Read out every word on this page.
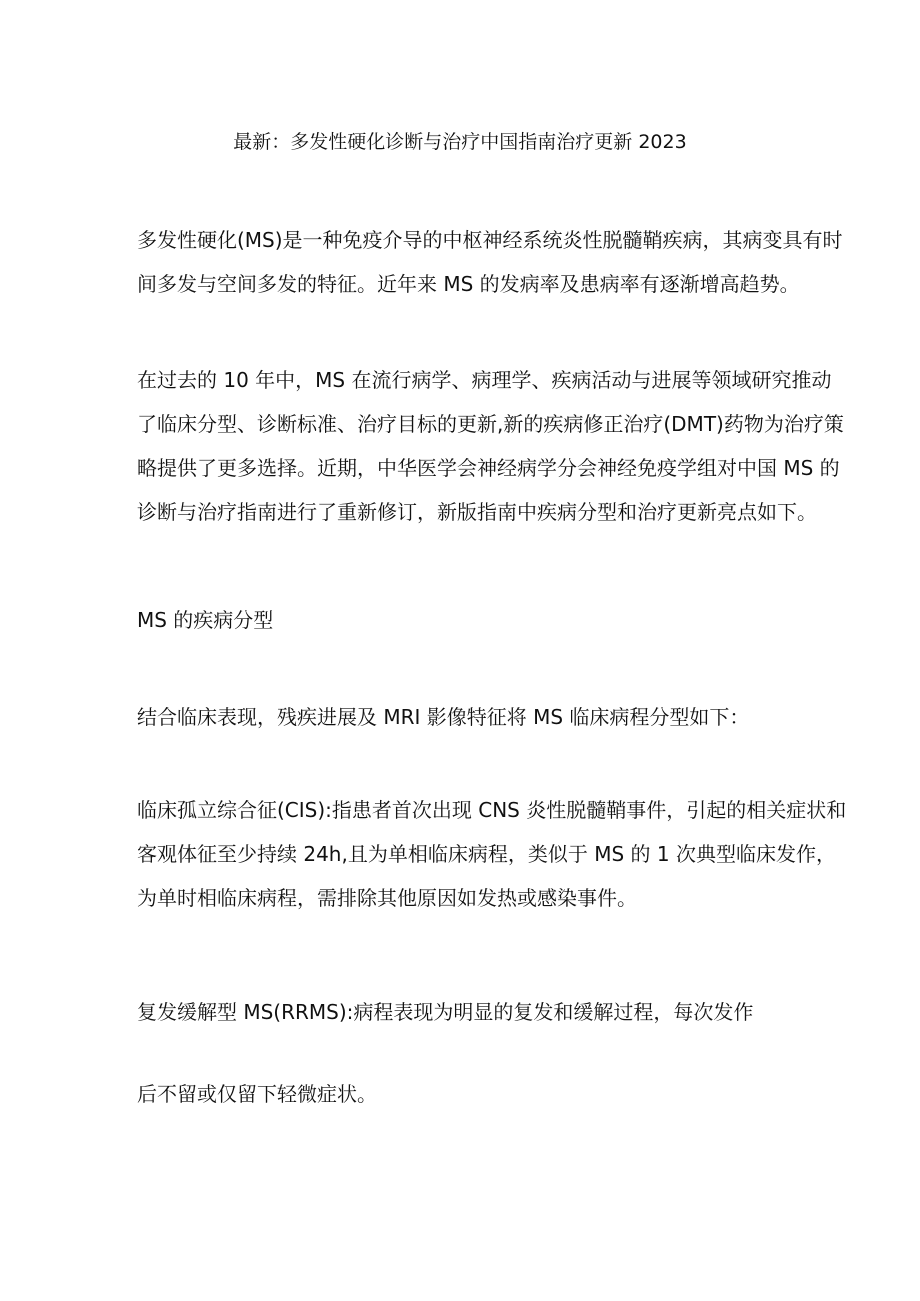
最新：多发性硬化诊断与治疗中国指南治疗更新 2023

多发性硬化(MS)是一种免疫介导的中枢神经系统炎性脱髓鞘疾病，其病变具有时
间多发与空间多发的特征。近年来 MS 的发病率及患病率有逐渐增高趋势。

在过去的 10 年中，MS 在流行病学、病理学、疾病活动与进展等领域研究推动
了临床分型、诊断标准、治疗目标的更新,新的疾病修正治疗(DMT)药物为治疗策
略提供了更多选择。近期，中华医学会神经病学分会神经免疫学组对中国 MS 的
诊断与治疗指南进行了重新修订，新版指南中疾病分型和治疗更新亮点如下。

MS 的疾病分型
结合临床表现，残疾进展及 MRI 影像特征将 MS 临床病程分型如下：

临床孤立综合征(CIS):指患者首次出现 CNS 炎性脱髓鞘事件，引起的相关症状和
客观体征至少持续 24h,且为单相临床病程，类似于 MS 的 1 次典型临床发作，
为单时相临床病程，需排除其他原因如发热或感染事件。

复发缓解型 MS(RRMS):病程表现为明显的复发和缓解过程，每次发作
后不留或仅留下轻微症状。
